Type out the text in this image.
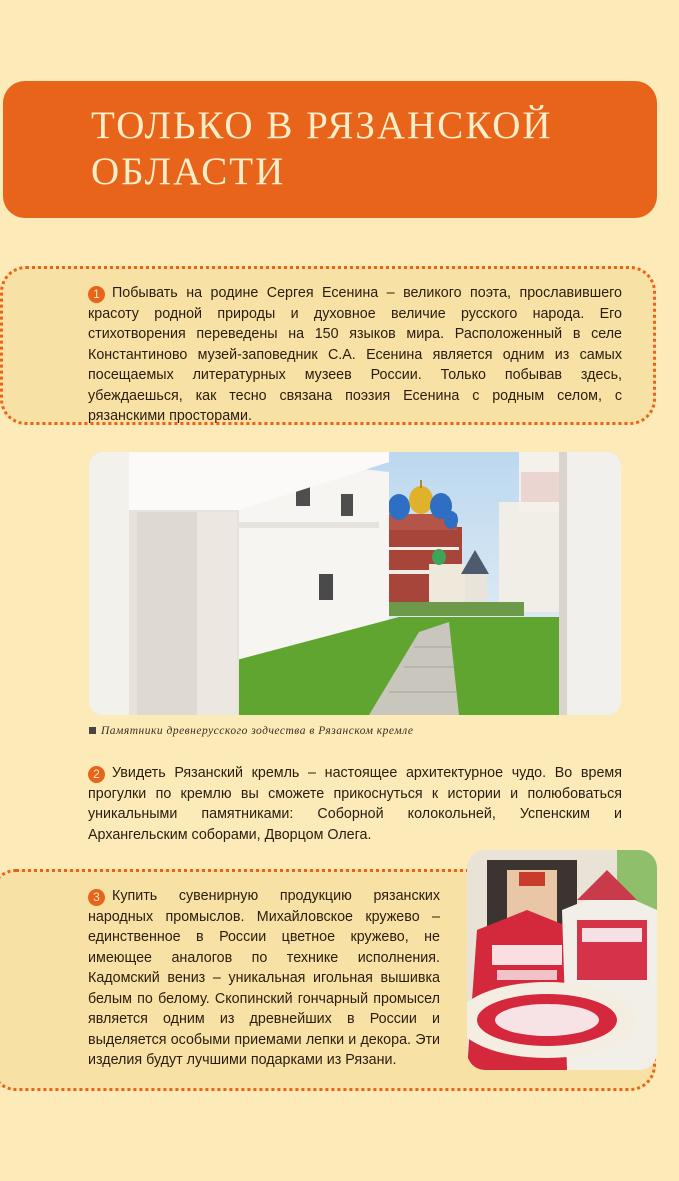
ТОЛЬКО В РЯЗАНСКОЙ
ОБЛАСТИ
1 Побывать на родине Сергея Есенина – великого поэта, прославившего красоту родной природы и духовное величие русского народа. Его стихотворения переведены на 150 языков мира. Расположенный в селе Константиново музей-заповедник С.А. Есенина является одним из самых посещаемых литературных музеев России. Только побывав здесь, убеждаешься, как тесно связана поэзия Есенина с родным селом, с рязанскими просторами.
Памятники древнерусского зодчества в Рязанском кремле
2 Увидеть Рязанский кремль – настоящее архитектурное чудо. Во время прогулки по кремлю вы сможете прикоснуться к истории и полюбоваться уникальными памятниками: Соборной колокольней, Успенским и Архангельским соборами, Дворцом Олега.
3 Купить сувенирную продукцию рязанских народных промыслов. Михайловское кружево – единственное в России цветное кружево, не имеющее аналогов по технике исполнения. Кадомский вениз – уникальная игольная вышивка белым по белому. Скопинский гончарный промысел является одним из древнейших в России и выделяется особыми приемами лепки и декора. Эти изделия будут лучшими подарками из Рязани.
